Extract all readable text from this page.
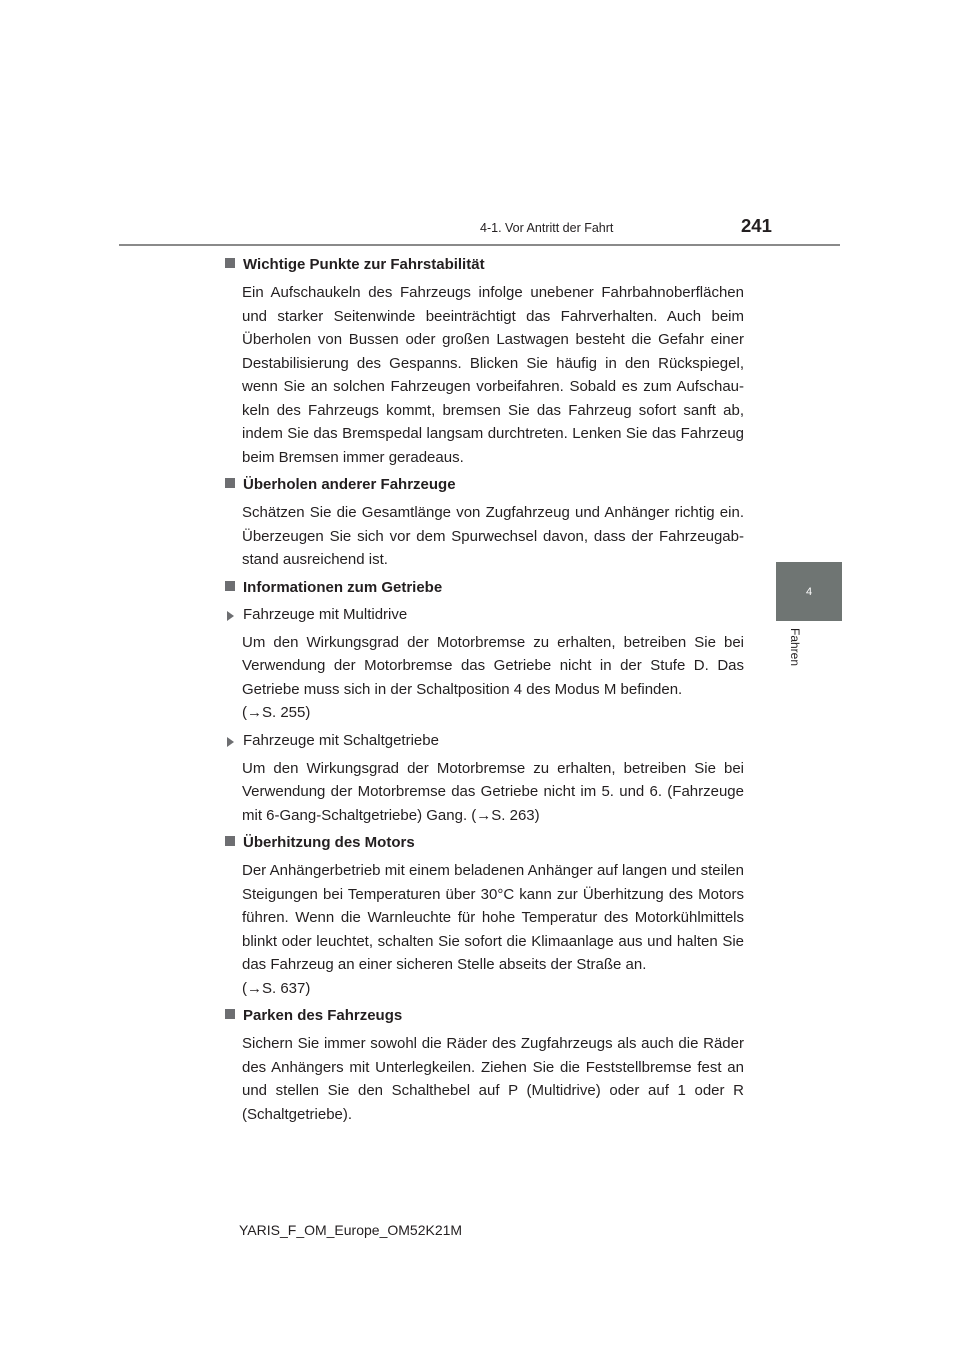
4-1. Vor Antritt der Fahrt	241
4
Fahren
Wichtige Punkte zur Fahrstabilität
Ein Aufschaukeln des Fahrzeugs infolge unebener Fahrbahnoberflächen und starker Seitenwinde beeinträchtigt das Fahrverhalten. Auch beim Überholen von Bussen oder großen Lastwagen besteht die Gefahr einer Destabilisierung des Gespanns. Blicken Sie häufig in den Rückspiegel, wenn Sie an solchen Fahrzeugen vorbeifahren. Sobald es zum Aufschaukeln des Fahrzeugs kommt, bremsen Sie das Fahrzeug sofort sanft ab, indem Sie das Bremspedal langsam durchtreten. Lenken Sie das Fahrzeug beim Bremsen immer geradeaus.
Überholen anderer Fahrzeuge
Schätzen Sie die Gesamtlänge von Zugfahrzeug und Anhänger richtig ein. Überzeugen Sie sich vor dem Spurwechsel davon, dass der Fahrzeugabstand ausreichend ist.
Informationen zum Getriebe
Fahrzeuge mit Multidrive
Um den Wirkungsgrad der Motorbremse zu erhalten, betreiben Sie bei Verwendung der Motorbremse das Getriebe nicht in der Stufe D. Das Getriebe muss sich in der Schaltposition 4 des Modus M befinden.
(→S. 255)
Fahrzeuge mit Schaltgetriebe
Um den Wirkungsgrad der Motorbremse zu erhalten, betreiben Sie bei Verwendung der Motorbremse das Getriebe nicht im 5. und 6. (Fahrzeuge mit 6-Gang-Schaltgetriebe) Gang. (→S. 263)
Überhitzung des Motors
Der Anhängerbetrieb mit einem beladenen Anhänger auf langen und steilen Steigungen bei Temperaturen über 30°C kann zur Überhitzung des Motors führen. Wenn die Warnleuchte für hohe Temperatur des Motorkühlmittels blinkt oder leuchtet, schalten Sie sofort die Klimaanlage aus und halten Sie das Fahrzeug an einer sicheren Stelle abseits der Straße an.
(→S. 637)
Parken des Fahrzeugs
Sichern Sie immer sowohl die Räder des Zugfahrzeugs als auch die Räder des Anhängers mit Unterlegkeilen. Ziehen Sie die Feststellbremse fest an und stellen Sie den Schalthebel auf P (Multidrive) oder auf 1 oder R (Schaltgetriebe).
YARIS_F_OM_Europe_OM52K21M
